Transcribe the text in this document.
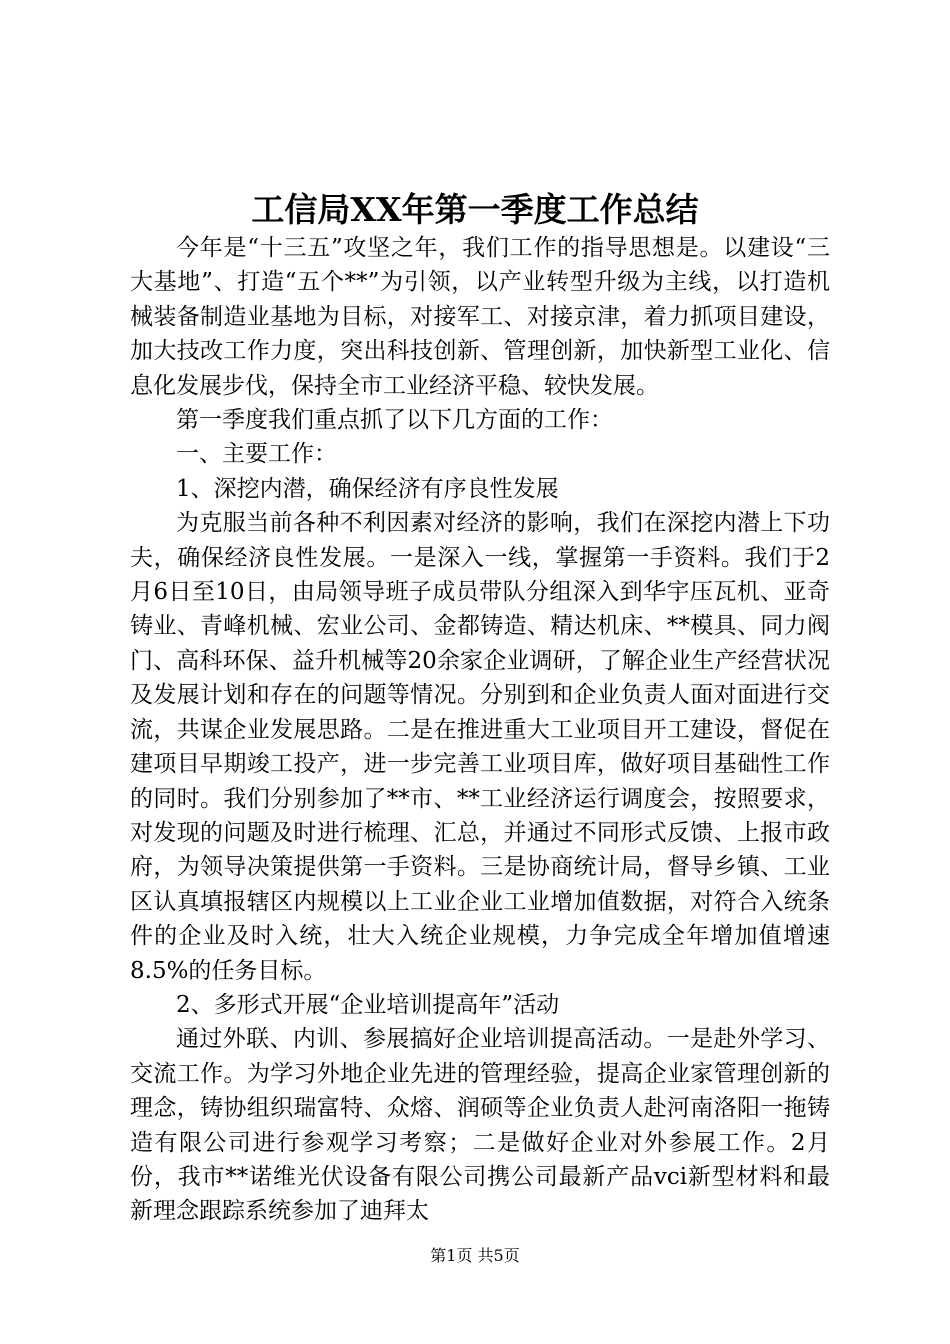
工信局XX年第一季度工作总结

今年是“十三五”攻坚之年，我们工作的指导思想是。以建设“三大基地”、打造“五个**”为引领，以产业转型升级为主线，以打造机械装备制造业基地为目标，对接军工、对接京津，着力抓项目建设，加大技改工作力度，突出科技创新、管理创新，加快新型工业化、信息化发展步伐，保持全市工业经济平稳、较快发展。

第一季度我们重点抓了以下几方面的工作：

一、主要工作：

1、深挖内潜，确保经济有序良性发展

为克服当前各种不利因素对经济的影响，我们在深挖内潜上下功夫，确保经济良性发展。一是深入一线，掌握第一手资料。我们于2月6日至10日，由局领导班子成员带队分组深入到华宇压瓦机、亚奇铸业、青峰机械、宏业公司、金都铸造、精达机床、**模具、同力阀门、高科环保、益升机械等20余家企业调研，了解企业生产经营状况及发展计划和存在的问题等情况。分别到和企业负责人面对面进行交流，共谋企业发展思路。二是在推进重大工业项目开工建设，督促在建项目早期竣工投产，进一步完善工业项目库，做好项目基础性工作的同时。我们分别参加了**市、**工业经济运行调度会，按照要求，对发现的问题及时进行梳理、汇总，并通过不同形式反馈、上报市政府，为领导决策提供第一手资料。三是协商统计局，督导乡镇、工业区认真填报辖区内规模以上工业企业工业增加值数据，对符合入统条件的企业及时入统，壮大入统企业规模，力争完成全年增加值增速8.5%的任务目标。

2、多形式开展“企业培训提高年”活动

通过外联、内训、参展搞好企业培训提高活动。一是赴外学习、交流工作。为学习外地企业先进的管理经验，提高企业家管理创新的理念，铸协组织瑞富特、众熔、润硕等企业负责人赴河南洛阳一拖铸造有限公司进行参观学习考察；二是做好企业对外参展工作。2月份，我市**诺维光伏设备有限公司携公司最新产品vci新型材料和最新理念跟踪系统参加了迪拜太

第1页 共5页
